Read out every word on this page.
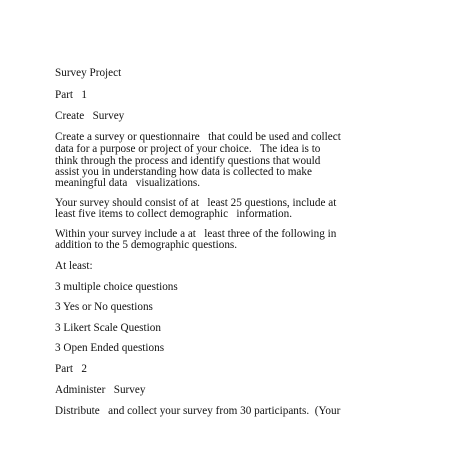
Survey Project

Part   1

Create   Survey

Create a survey or questionnaire   that could be used and collect

data for a purpose or project of your choice.   The idea is to

think through the process and identify questions that would

assist you in understanding how data is collected to make

meaningful data   visualizations.

Your survey should consist of at   least 25 questions, include at

least five items to collect demographic   information.

Within your survey include a at   least three of the following in

addition to the 5 demographic questions.

At least:

3 multiple choice questions

3 Yes or No questions

3 Likert Scale Question

3 Open Ended questions

Part   2

Administer   Survey

Distribute   and collect your survey from 30 participants.  (Your
